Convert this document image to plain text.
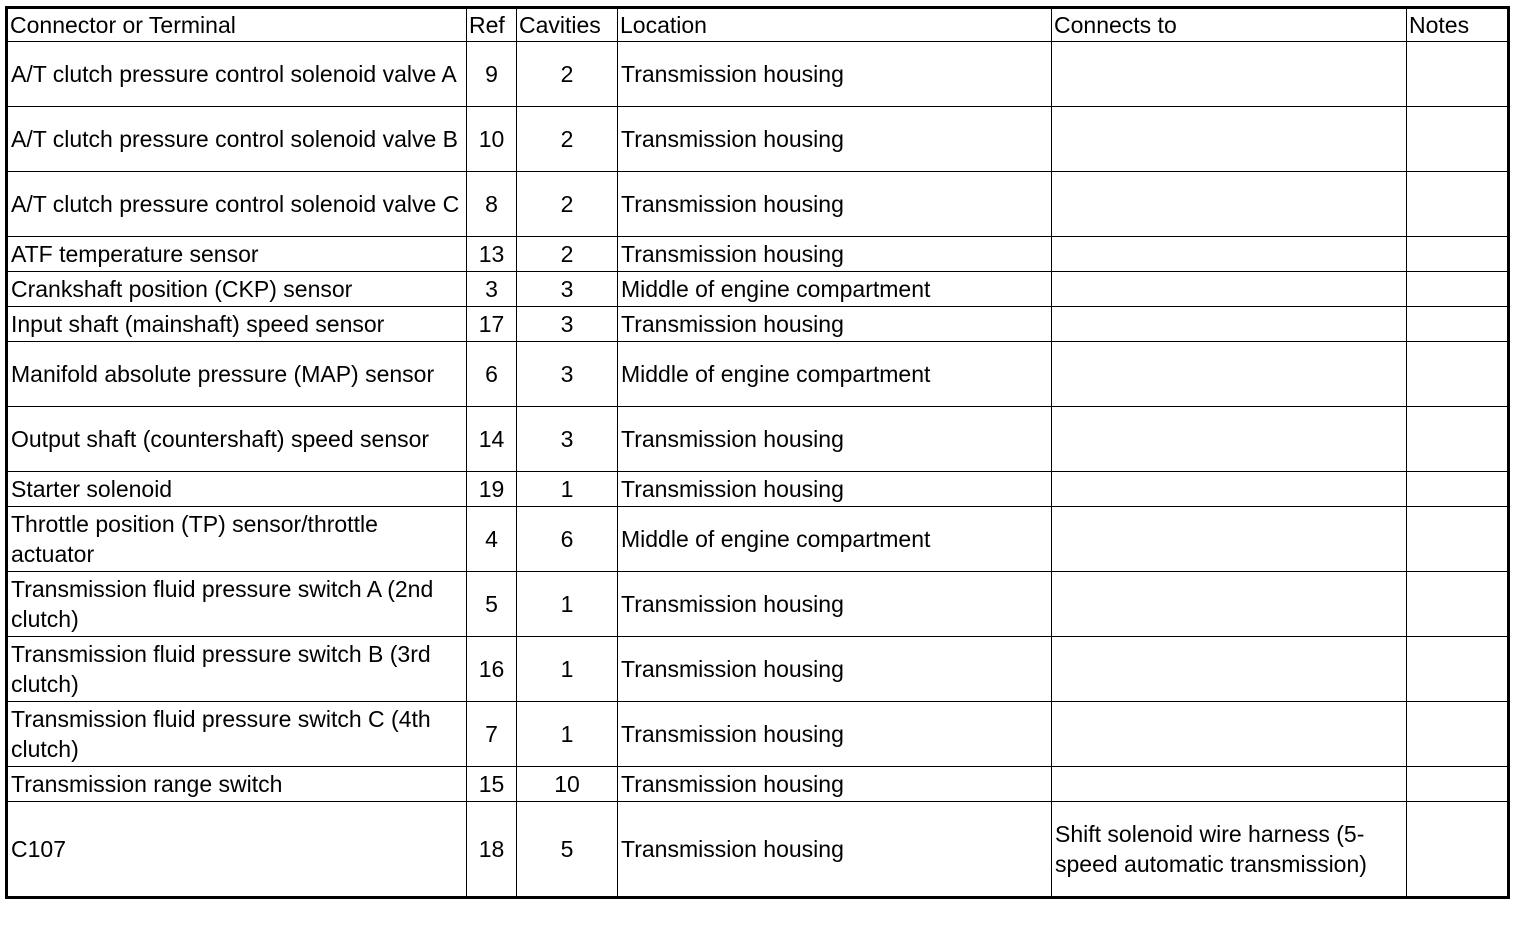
Connector or Terminal	Ref	Cavities	Location	Connects to	Notes
A/T clutch pressure control solenoid valve A	9	2	Transmission housing		
A/T clutch pressure control solenoid valve B	10	2	Transmission housing		
A/T clutch pressure control solenoid valve C	8	2	Transmission housing		
ATF temperature sensor	13	2	Transmission housing		
Crankshaft position (CKP) sensor	3	3	Middle of engine compartment		
Input shaft (mainshaft) speed sensor	17	3	Transmission housing		
Manifold absolute pressure (MAP) sensor	6	3	Middle of engine compartment		
Output shaft (countershaft) speed sensor	14	3	Transmission housing		
Starter solenoid	19	1	Transmission housing		
Throttle position (TP) sensor/throttle actuator	4	6	Middle of engine compartment		
Transmission fluid pressure switch A (2nd clutch)	5	1	Transmission housing		
Transmission fluid pressure switch B (3rd clutch)	16	1	Transmission housing		
Transmission fluid pressure switch C (4th clutch)	7	1	Transmission housing		
Transmission range switch	15	10	Transmission housing		
C107	18	5	Transmission housing	Shift solenoid wire harness (5-speed automatic transmission)	
